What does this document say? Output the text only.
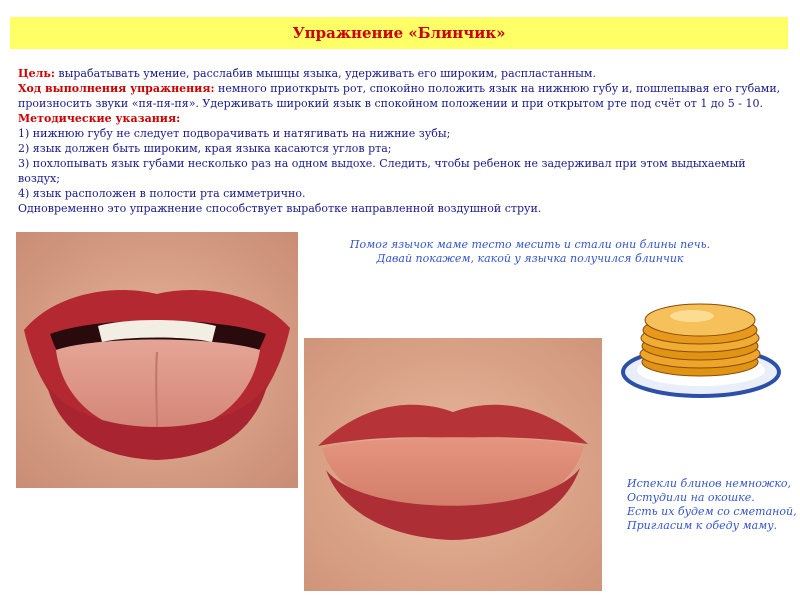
Упражнение «Блинчик»

Цель: вырабатывать умение, расслабив мышцы языка, удерживать его широким, распластанным.

Ход выполнения упражнения: немного приоткрыть рот, спокойно положить язык на нижнюю губу и, пошлепывая его губами, произносить звуки «пя-пя-пя». Удерживать широкий язык в спокойном положении и при открытом рте под счёт от 1 до 5 - 10.

Методические указания:

1) нижнюю губу не следует подворачивать и натягивать на нижние зубы;

2) язык должен быть широким, края языка касаются углов рта;

3) похлопывать язык губами несколько раз на одном выдохе. Следить, чтобы ребенок не задерживал при этом выдыхаемый воздух;

4) язык расположен в полости рта симметрично.

Одновременно это упражнение способствует выработке направленной воздушной струи.

Помог язычок маме тесто месить и стали они блины печь.
Давай покажем, какой у язычка получился блинчик
Испекли блинов немножко,
Остудили на окошке.
Есть их будем со сметаной,
Пригласим к обеду маму.
